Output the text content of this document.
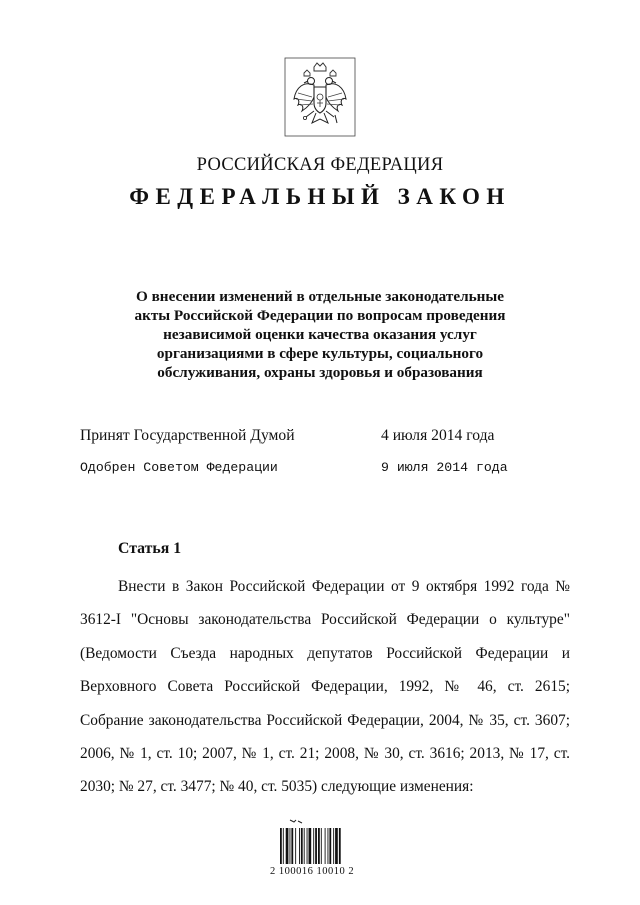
РОССИЙСКАЯ ФЕДЕРАЦИЯ
ФЕДЕРАЛЬНЫЙ ЗАКОН
О внесении изменений в отдельные законодательные
акты Российской Федерации по вопросам проведения
независимой оценки качества оказания услуг
организациями в сфере культуры, социального
обслуживания, охраны здоровья и образования
Принят Государственной Думой	4 июля 2014 года
Одобрен Советом Федерации	9 июля 2014 года
Статья 1

Внести в Закон Российской Федерации от 9 октября 1992 года № 3612-I "Основы законодательства Российской Федерации о культуре" (Ведомости Съезда народных депутатов Российской Федерации и Верховного Совета Российской Федерации, 1992, № 46, ст. 2615; Собрание законодательства Российской Федерации, 2004, № 35, ст. 3607; 2006, № 1, ст. 10; 2007, № 1, ст. 21; 2008, № 30, ст. 3616; 2013, № 17, ст. 2030; № 27, ст. 3477; № 40, ст. 5035) следующие изменения:

2 100016 10010 2
